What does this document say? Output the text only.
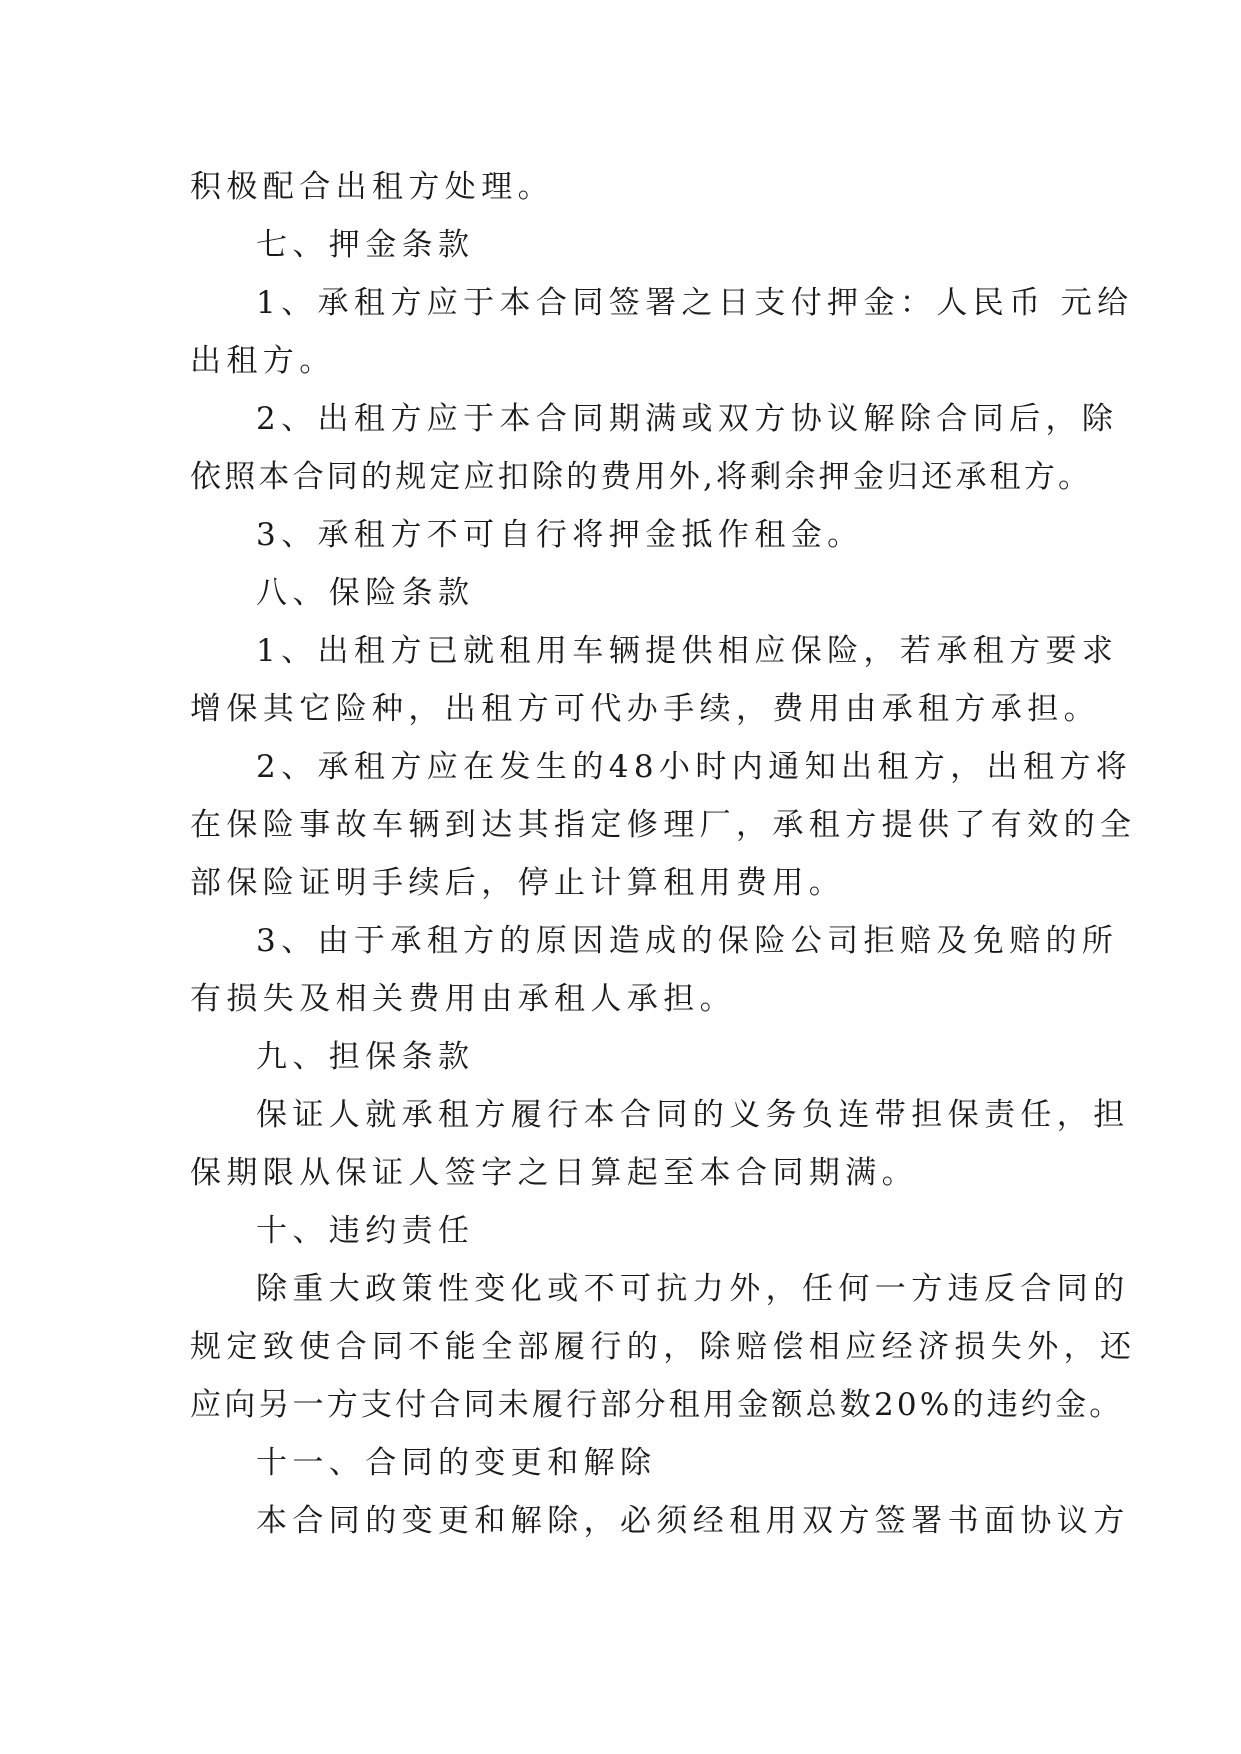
积极配合出租方处理。
七、押金条款
1、承租方应于本合同签署之日支付押金：人民币 元给
出租方。
2、出租方应于本合同期满或双方协议解除合同后，除
依照本合同的规定应扣除的费用外,将剩余押金归还承租方。
3、承租方不可自行将押金抵作租金。
八、保险条款
1、出租方已就租用车辆提供相应保险，若承租方要求
增保其它险种，出租方可代办手续，费用由承租方承担。
2、承租方应在发生的48小时内通知出租方，出租方将
在保险事故车辆到达其指定修理厂，承租方提供了有效的全
部保险证明手续后，停止计算租用费用。
3、由于承租方的原因造成的保险公司拒赔及免赔的所
有损失及相关费用由承租人承担。
九、担保条款
保证人就承租方履行本合同的义务负连带担保责任，担
保期限从保证人签字之日算起至本合同期满。
十、违约责任
除重大政策性变化或不可抗力外，任何一方违反合同的
规定致使合同不能全部履行的，除赔偿相应经济损失外，还
应向另一方支付合同未履行部分租用金额总数20%的违约金。
十一、合同的变更和解除
本合同的变更和解除，必须经租用双方签署书面协议方
